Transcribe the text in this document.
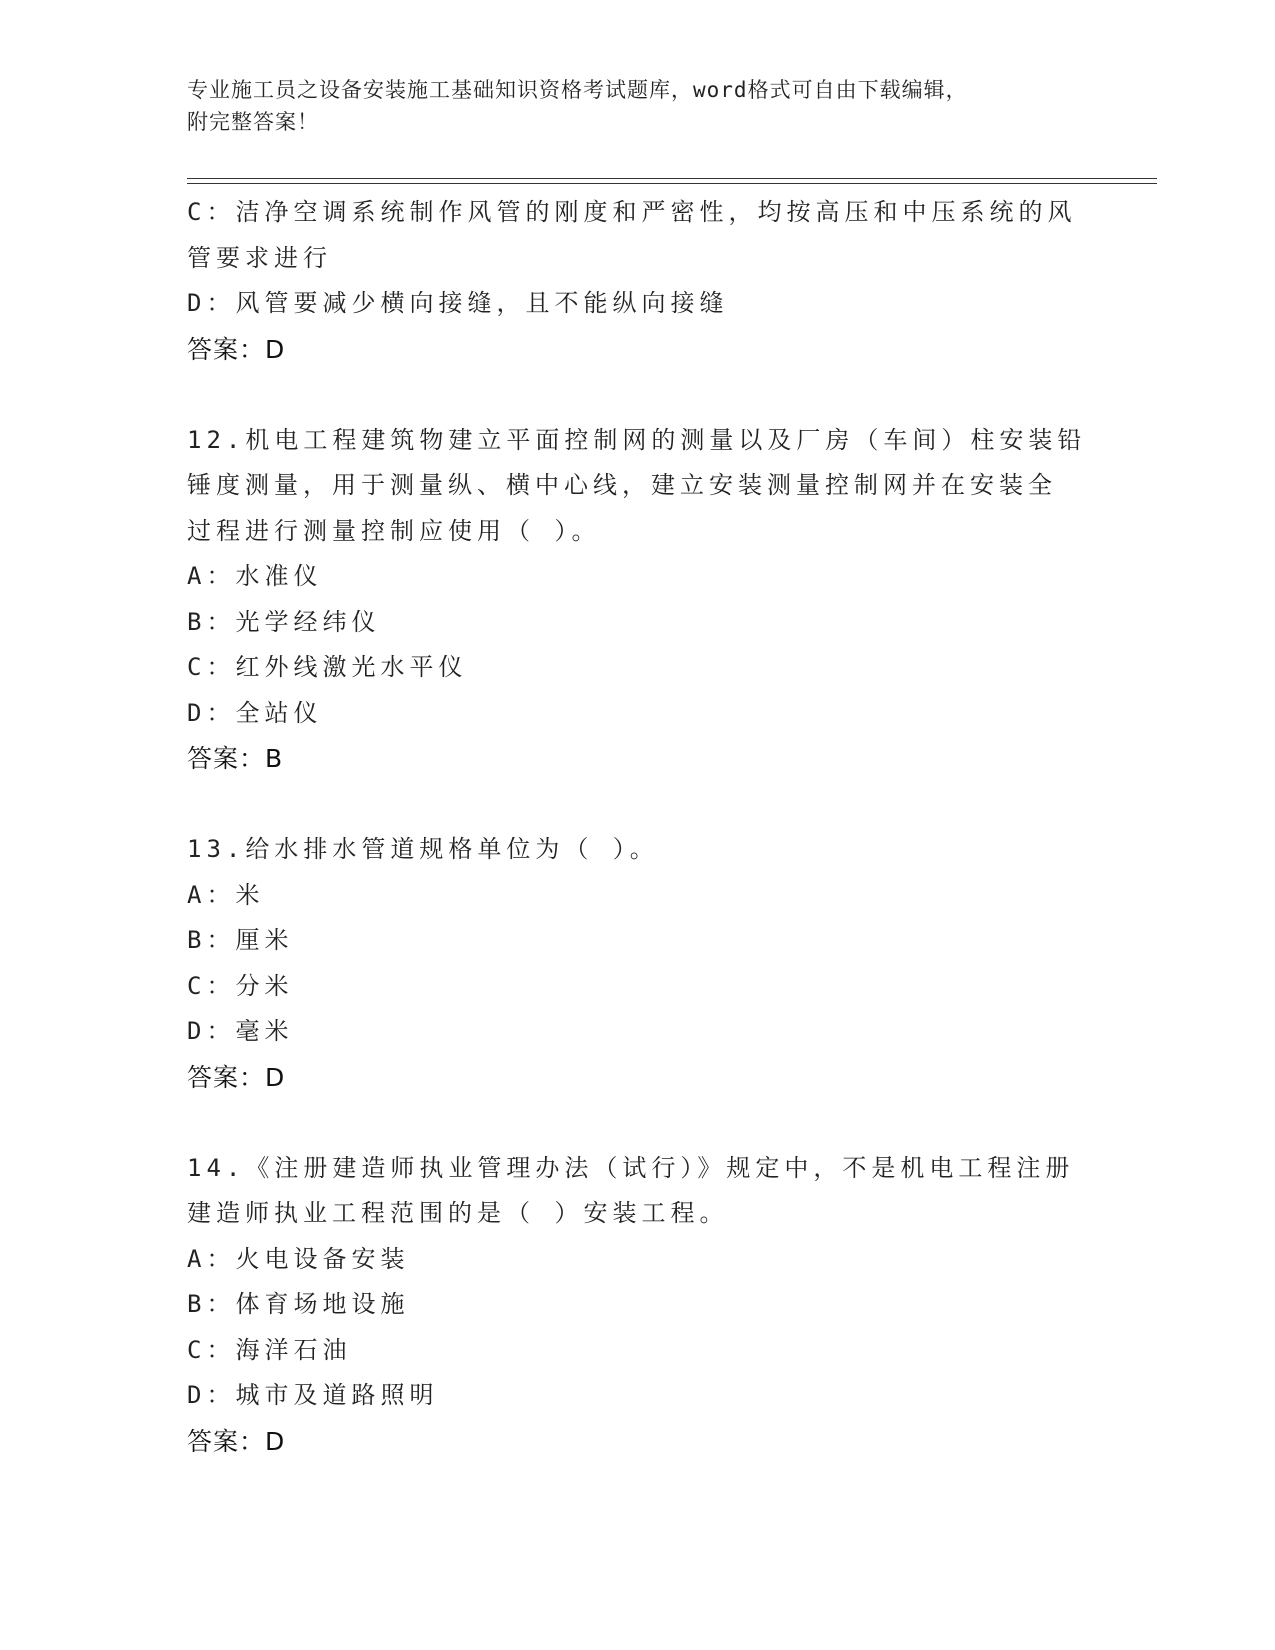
专业施工员之设备安装施工基础知识资格考试题库，word格式可自由下载编辑，
附完整答案！
C：洁净空调系统制作风管的刚度和严密性，均按高压和中压系统的风
管要求进行
D：风管要减少横向接缝，且不能纵向接缝
答案：D
12.机电工程建筑物建立平面控制网的测量以及厂房（车间）柱安装铅
锤度测量，用于测量纵、横中心线，建立安装测量控制网并在安装全
过程进行测量控制应使用（ ）。
A：水准仪
B：光学经纬仪
C：红外线激光水平仪
D：全站仪
答案：B
13.给水排水管道规格单位为（ ）。
A：米
B：厘米
C：分米
D：毫米
答案：D
14.《注册建造师执业管理办法（试行）》规定中，不是机电工程注册
建造师执业工程范围的是（ ）安装工程。
A：火电设备安装
B：体育场地设施
C：海洋石油
D：城市及道路照明
答案：D
